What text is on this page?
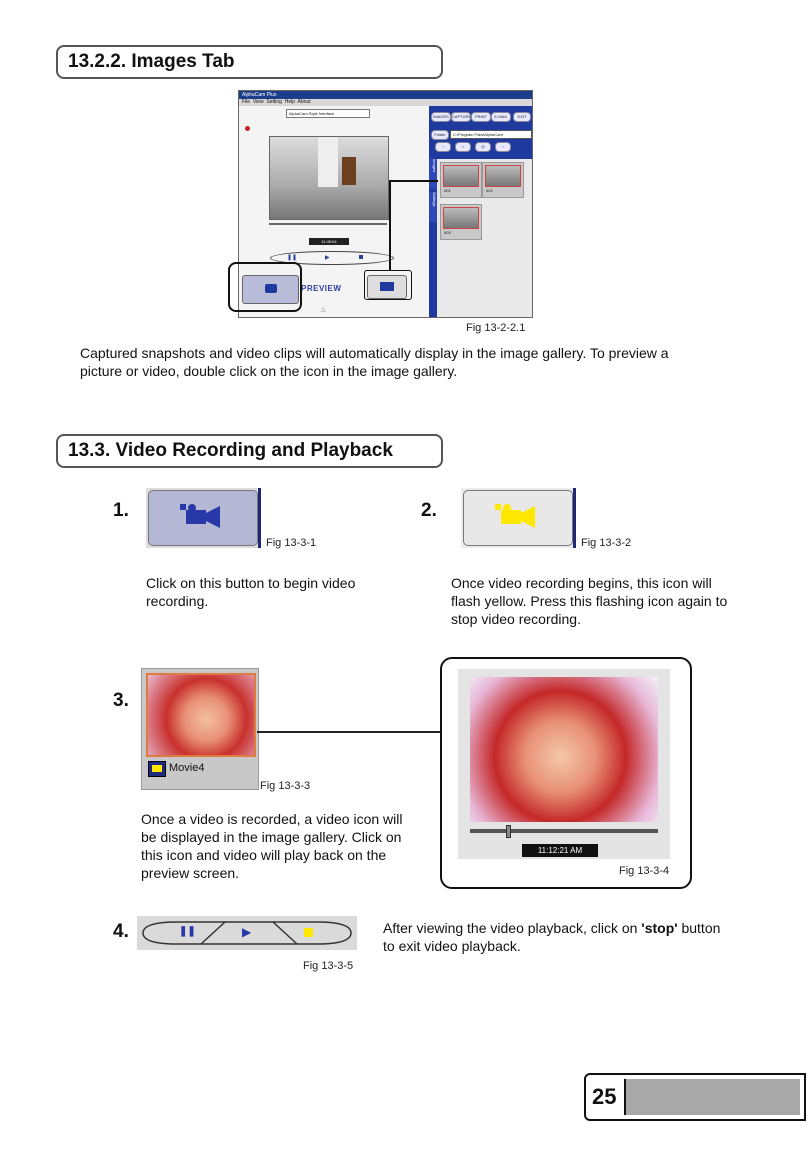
13.2.2. Images Tab
AlphaCam Plus
File View Setting Help About
AlphaCam Style Interface
11:45:04
❚❚	▶
PREVIEW
△
IMAGES CAPTURE PRINT	E-MAIL	EXIT
Folder	C:\Program Files\AlphaCam
‹	○	◎	›
Images
Settings
001	002
003
Fig 13-2-2.1
Captured snapshots and video clips will automatically display in the image gallery. To preview a picture or video, double click on the icon in the image gallery.
13.3. Video Recording and Playback
1.
Fig 13-3-1
Click on this button to begin video recording.
2.
Fig 13-3-2
Once video recording begins, this icon will flash yellow. Press this flashing icon again to stop video recording.
3.
Movie4
Fig 13-3-3
Once a video is recorded, a video icon will be displayed in the image gallery. Click on this icon and video will play back on the preview screen.
11:12:21 AM
Fig 13-3-4
4.	❚❚	▶
Fig 13-3-5
After viewing the video playback, click on 'stop' button to exit video playback.
25
